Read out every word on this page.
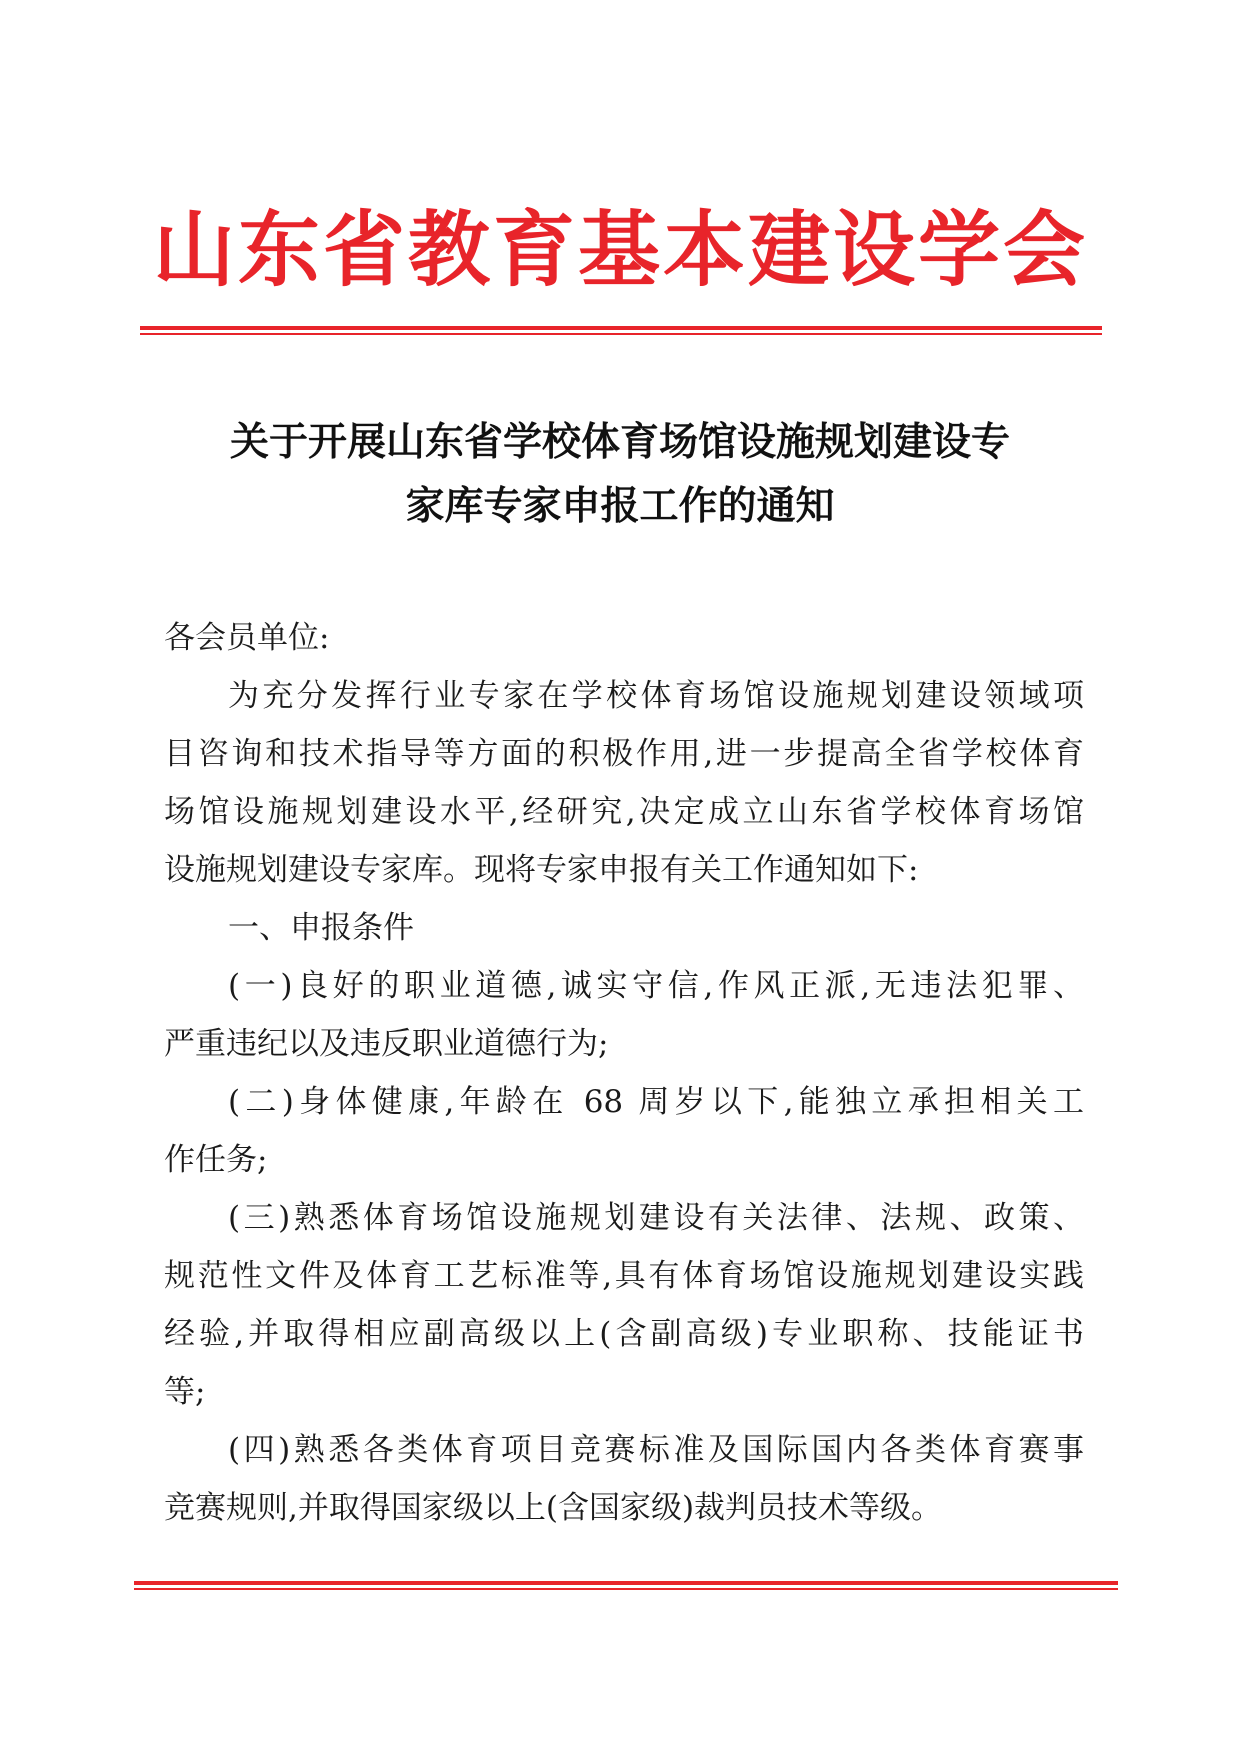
山东省教育基本建设学会
关于开展山东省学校体育场馆设施规划建设专
家库专家申报工作的通知
各会员单位:
为充分发挥行业专家在学校体育场馆设施规划建设领域项
目咨询和技术指导等方面的积极作用,进一步提高全省学校体育
场馆设施规划建设水平,经研究,决定成立山东省学校体育场馆
设施规划建设专家库。现将专家申报有关工作通知如下:
一、申报条件
(一)良好的职业道德,诚实守信,作风正派,无违法犯罪、
严重违纪以及违反职业道德行为;
(二)身体健康,年龄在 68 周岁以下,能独立承担相关工
作任务;
(三)熟悉体育场馆设施规划建设有关法律、法规、政策、
规范性文件及体育工艺标准等,具有体育场馆设施规划建设实践
经验,并取得相应副高级以上(含副高级)专业职称、技能证书
等;
(四)熟悉各类体育项目竞赛标准及国际国内各类体育赛事
竞赛规则,并取得国家级以上(含国家级)裁判员技术等级。
